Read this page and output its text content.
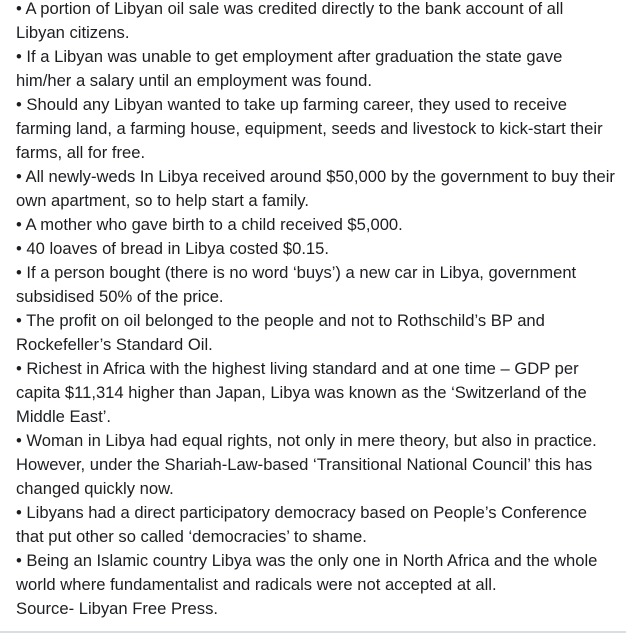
• A portion of Libyan oil sale was credited directly to the bank account of all Libyan citizens.

• If a Libyan was unable to get employment after graduation the state gave him/her a salary until an employment was found.

• Should any Libyan wanted to take up farming career, they used to receive farming land, a farming house, equipment, seeds and livestock to kick-start their farms, all for free.

• All newly-weds In Libya received around $50,000 by the government to buy their own apartment, so to help start a family.

• A mother who gave birth to a child received $5,000.

• 40 loaves of bread in Libya costed $0.15.

• If a person bought (there is no word ‘buys’) a new car in Libya, government subsidised 50% of the price.

• The profit on oil belonged to the people and not to Rothschild’s BP and Rockefeller’s Standard Oil.

• Richest in Africa with the highest living standard and at one time – GDP per capita $11,314 higher than Japan, Libya was known as the ‘Switzerland of the Middle East’.

• Woman in Libya had equal rights, not only in mere theory, but also in practice. However, under the Shariah-Law-based ‘Transitional National Council’ this has changed quickly now.

• Libyans had a direct participatory democracy based on People’s Conference that put other so called ‘democracies’ to shame.

• Being an Islamic country Libya was the only one in North Africa and the whole world where fundamentalist and radicals were not accepted at all.

Source- Libyan Free Press.
